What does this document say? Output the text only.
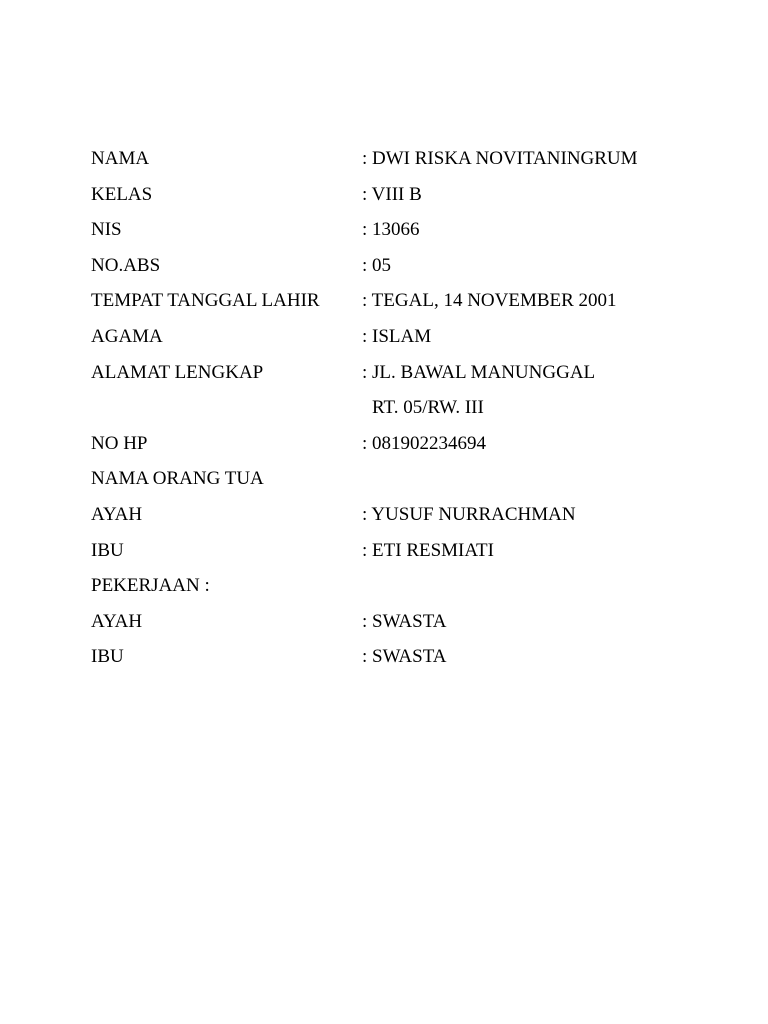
NAMA	: DWI RISKA NOVITANINGRUM
KELAS	: VIII B
NIS	: 13066
NO.ABS	: 05
TEMPAT TANGGAL LAHIR : TEGAL, 14 NOVEMBER 2001
AGAMA	: ISLAM
ALAMAT LENGKAP	: JL. BAWAL MANUNGGAL
RT. 05/RW. III
NO HP	: 081902234694
NAMA ORANG TUA
AYAH	: YUSUF NURRACHMAN
IBU	: ETI RESMIATI
PEKERJAAN :
AYAH	: SWASTA
IBU	: SWASTA
